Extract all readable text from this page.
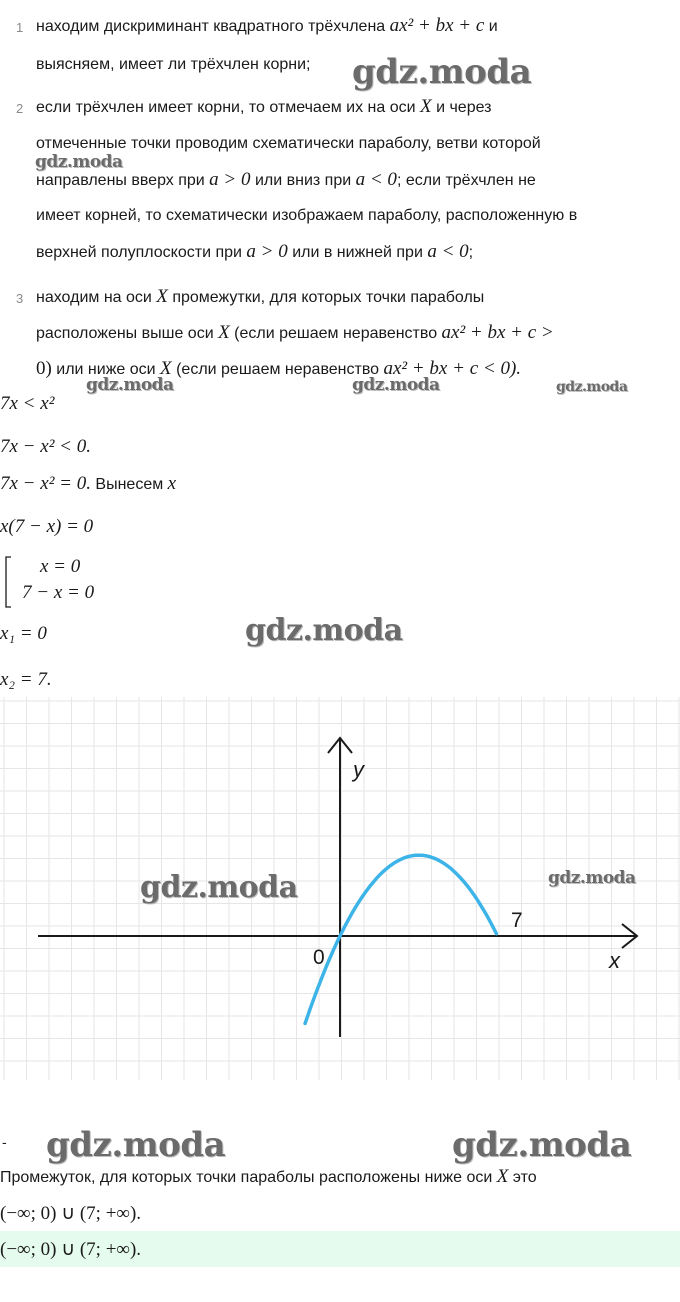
1 находим дискриминант квадратного трёхчлена ax² + bx + c и
выясняем, имеет ли трёхчлен корни;
2 если трёхчлен имеет корни, то отмечаем их на оси X и через
отмеченные точки проводим схематически параболу, ветви которой
направлены вверх при a > 0 или вниз при a < 0; если трёхчлен не
имеет корней, то схематически изображаем параболу, расположенную в
верхней полуплоскости при a > 0 или в нижней при a < 0;
3 находим на оси X промежутки, для которых точки параболы
расположены выше оси X (если решаем неравенство ax² + bx + c >
0) или ниже оси X (если решаем неравенство ax² + bx + c < 0).
7x < x²
7x − x² < 0.
7x − x² = 0. Вынесем x
x(7 − x) = 0
x = 0
7 − x = 0
x₁ = 0
x₂ = 7.
y
x
0
7
-
Промежуток, для которых точки параболы расположены ниже оси X это
(−∞; 0) ∪ (7; +∞).
(−∞; 0) ∪ (7; +∞).
gdz.moda
gdz.moda
gdz.moda	gdz.moda	gdz.moda
gdz.moda
gdz.moda	gdz.moda
gdz.moda	gdz.moda
